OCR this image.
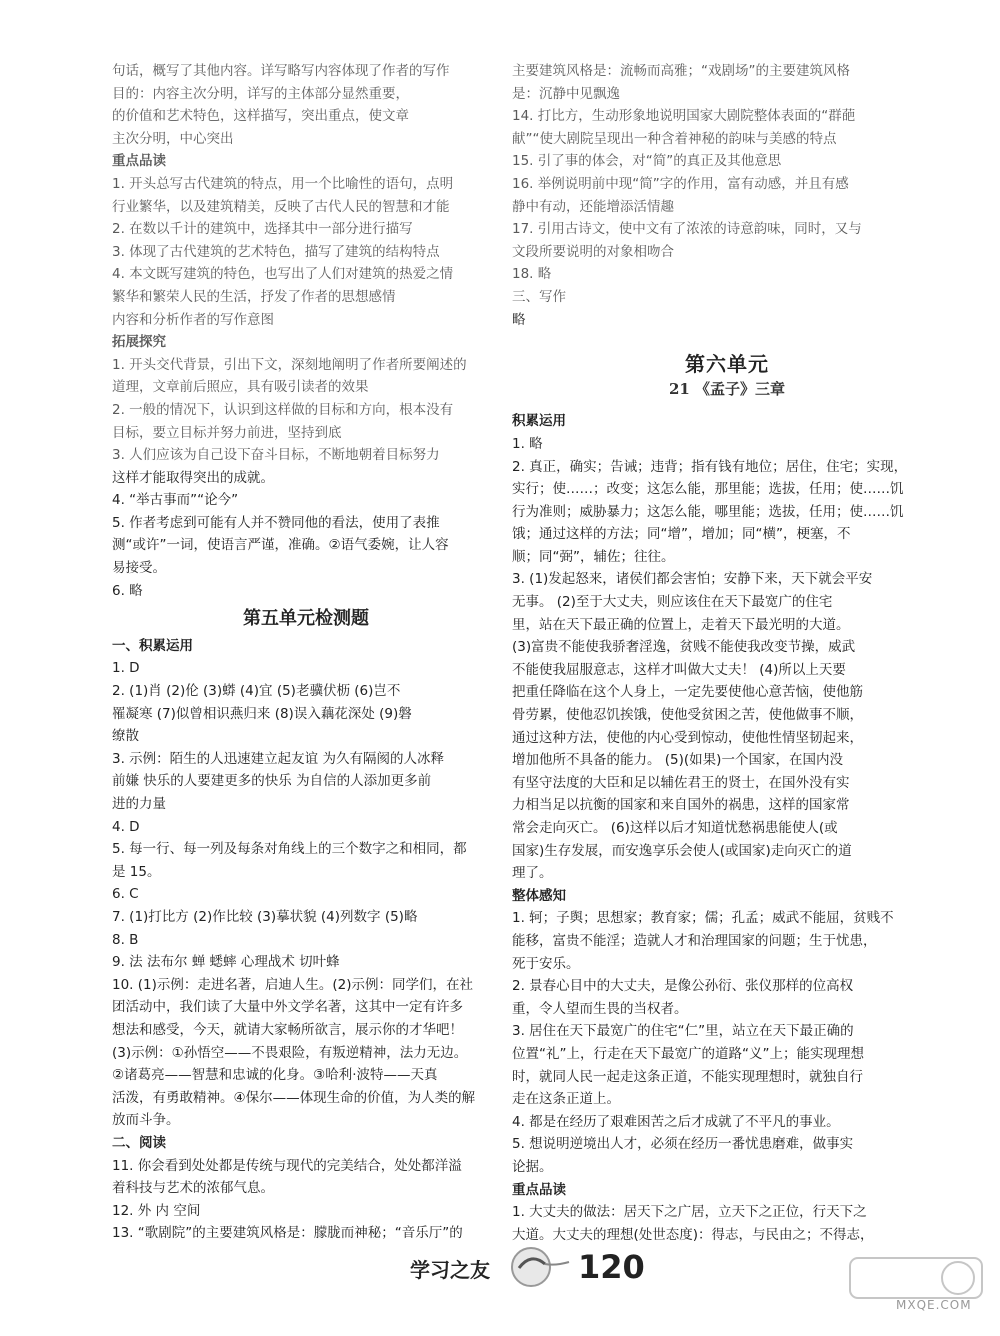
句话，概写了其他内容。详写略写内容体现了作者的写作
目的：内容主次分明，详写的主体部分显然重要，
的价值和艺术特色，这样描写，突出重点，使文章
主次分明，中心突出
重点品读
1. 开头总写古代建筑的特点，用一个比喻性的语句，点明
行业繁华，以及建筑精美，反映了古代人民的智慧和才能
2. 在数以千计的建筑中，选择其中一部分进行描写
3. 体现了古代建筑的艺术特色，描写了建筑的结构特点
4. 本文既写建筑的特色，也写出了人们对建筑的热爱之情
繁华和繁荣人民的生活，抒发了作者的思想感情
内容和分析作者的写作意图
拓展探究
1. 开头交代背景，引出下文，深刻地阐明了作者所要阐述的
道理，文章前后照应，具有吸引读者的效果
2. 一般的情况下，认识到这样做的目标和方向，根本没有
目标，要立目标并努力前进，坚持到底
3. 人们应该为自己设下奋斗目标，不断地朝着目标努力
这样才能取得突出的成就。
4. “举古事而”“论今”
5. 作者考虑到可能有人并不赞同他的看法，使用了表推
测“或许”一词，使语言严谨，准确。②语气委婉，让人容
易接受。
6. 略
第五单元检测题
一、积累运用
1. D
2. (1)肖 (2)伦 (3)蟒 (4)宜 (5)老骥伏枥 (6)岂不
罹凝寒 (7)似曾相识燕归来 (8)误入藕花深处 (9)磐
缭散
3. 示例：陌生的人迅速建立起友谊 为久有隔阂的人冰释
前嫌 快乐的人要建更多的快乐 为自信的人添加更多前
进的力量
4. D
5. 每一行、每一列及每条对角线上的三个数字之和相同，都
是 15。
6. C
7. (1)打比方 (2)作比较 (3)摹状貌 (4)列数字 (5)略
8. B
9. 法 法布尔 蝉 蟋蟀 心理战术 切叶蜂
10. (1)示例：走进名著，启迪人生。(2)示例：同学们，在社
团活动中，我们读了大量中外文学名著，这其中一定有许多
想法和感受，今天，就请大家畅所欲言，展示你的才华吧！
(3)示例：①孙悟空——不畏艰险，有叛逆精神，法力无边。
②诸葛亮——智慧和忠诚的化身。③哈利·波特——天真
活泼，有勇敢精神。④保尔——体现生命的价值，为人类的解
放而斗争。
二、阅读
11. 你会看到处处都是传统与现代的完美结合，处处都洋溢
着科技与艺术的浓郁气息。
12. 外 内 空间
13. “歌剧院”的主要建筑风格是：朦胧而神秘；“音乐厅”的
主要建筑风格是：流畅而高雅；“戏剧场”的主要建筑风格
是：沉静中见飘逸
14. 打比方，生动形象地说明国家大剧院整体表面的“群葩
献”“使大剧院呈现出一种含着神秘的韵味与美感的特点
15. 引了事的体会，对“简”的真正及其他意思
16. 举例说明前中现“简”字的作用，富有动感，并且有感
静中有动，还能增添活情趣
17. 引用古诗文，使中文有了浓浓的诗意韵味，同时，又与
文段所要说明的对象相吻合
18. 略
三、写作
略
第六单元
21 《孟子》三章
积累运用
1. 略
2. 真正，确实；告诫；违背；指有钱有地位；居住，住宅；实现，
实行；使……；改变；这怎么能，那里能；选拔，任用；使……饥
行为准则；威胁暴力；这怎么能，哪里能；选拔，任用；使……饥
饿；通过这样的方法；同“增”，增加；同“横”，梗塞，不
顺；同“弼”，辅佐；往往。
3. (1)发起怒来，诸侯们都会害怕；安静下来，天下就会平安
无事。 (2)至于大丈夫，则应该住在天下最宽广的住宅
里，站在天下最正确的位置上，走着天下最光明的大道。
(3)富贵不能使我骄奢淫逸，贫贱不能使我改变节操，威武
不能使我屈服意志，这样才叫做大丈夫！ (4)所以上天要
把重任降临在这个人身上，一定先要使他心意苦恼，使他筋
骨劳累，使他忍饥挨饿，使他受贫困之苦，使他做事不顺，
通过这种方法，使他的内心受到惊动，使他性情坚韧起来，
增加他所不具备的能力。 (5)(如果)一个国家，在国内没
有坚守法度的大臣和足以辅佐君王的贤士，在国外没有实
力相当足以抗衡的国家和来自国外的祸患，这样的国家常
常会走向灭亡。 (6)这样以后才知道忧愁祸患能使人(或
国家)生存发展，而安逸享乐会使人(或国家)走向灭亡的道
理了。
整体感知
1. 轲；子舆；思想家；教育家；儒；孔孟；威武不能屈，贫贱不
能移，富贵不能淫；造就人才和治理国家的问题；生于忧患，
死于安乐。
2. 景春心目中的大丈夫，是像公孙衍、张仪那样的位高权
重，令人望而生畏的当权者。
3. 居住在天下最宽广的住宅“仁”里，站立在天下最正确的
位置“礼”上，行走在天下最宽广的道路“义”上；能实现理想
时，就同人民一起走这条正道，不能实现理想时，就独自行
走在这条正道上。
4. 都是在经历了艰难困苦之后才成就了不平凡的事业。
5. 想说明逆境出人才，必须在经历一番忧患磨难，做事实
论据。
重点品读
1. 大丈夫的做法：居天下之广居，立天下之正位，行天下之
大道。大丈夫的理想(处世态度)：得志，与民由之；不得志，
学习之友	120
MXQE.COM
